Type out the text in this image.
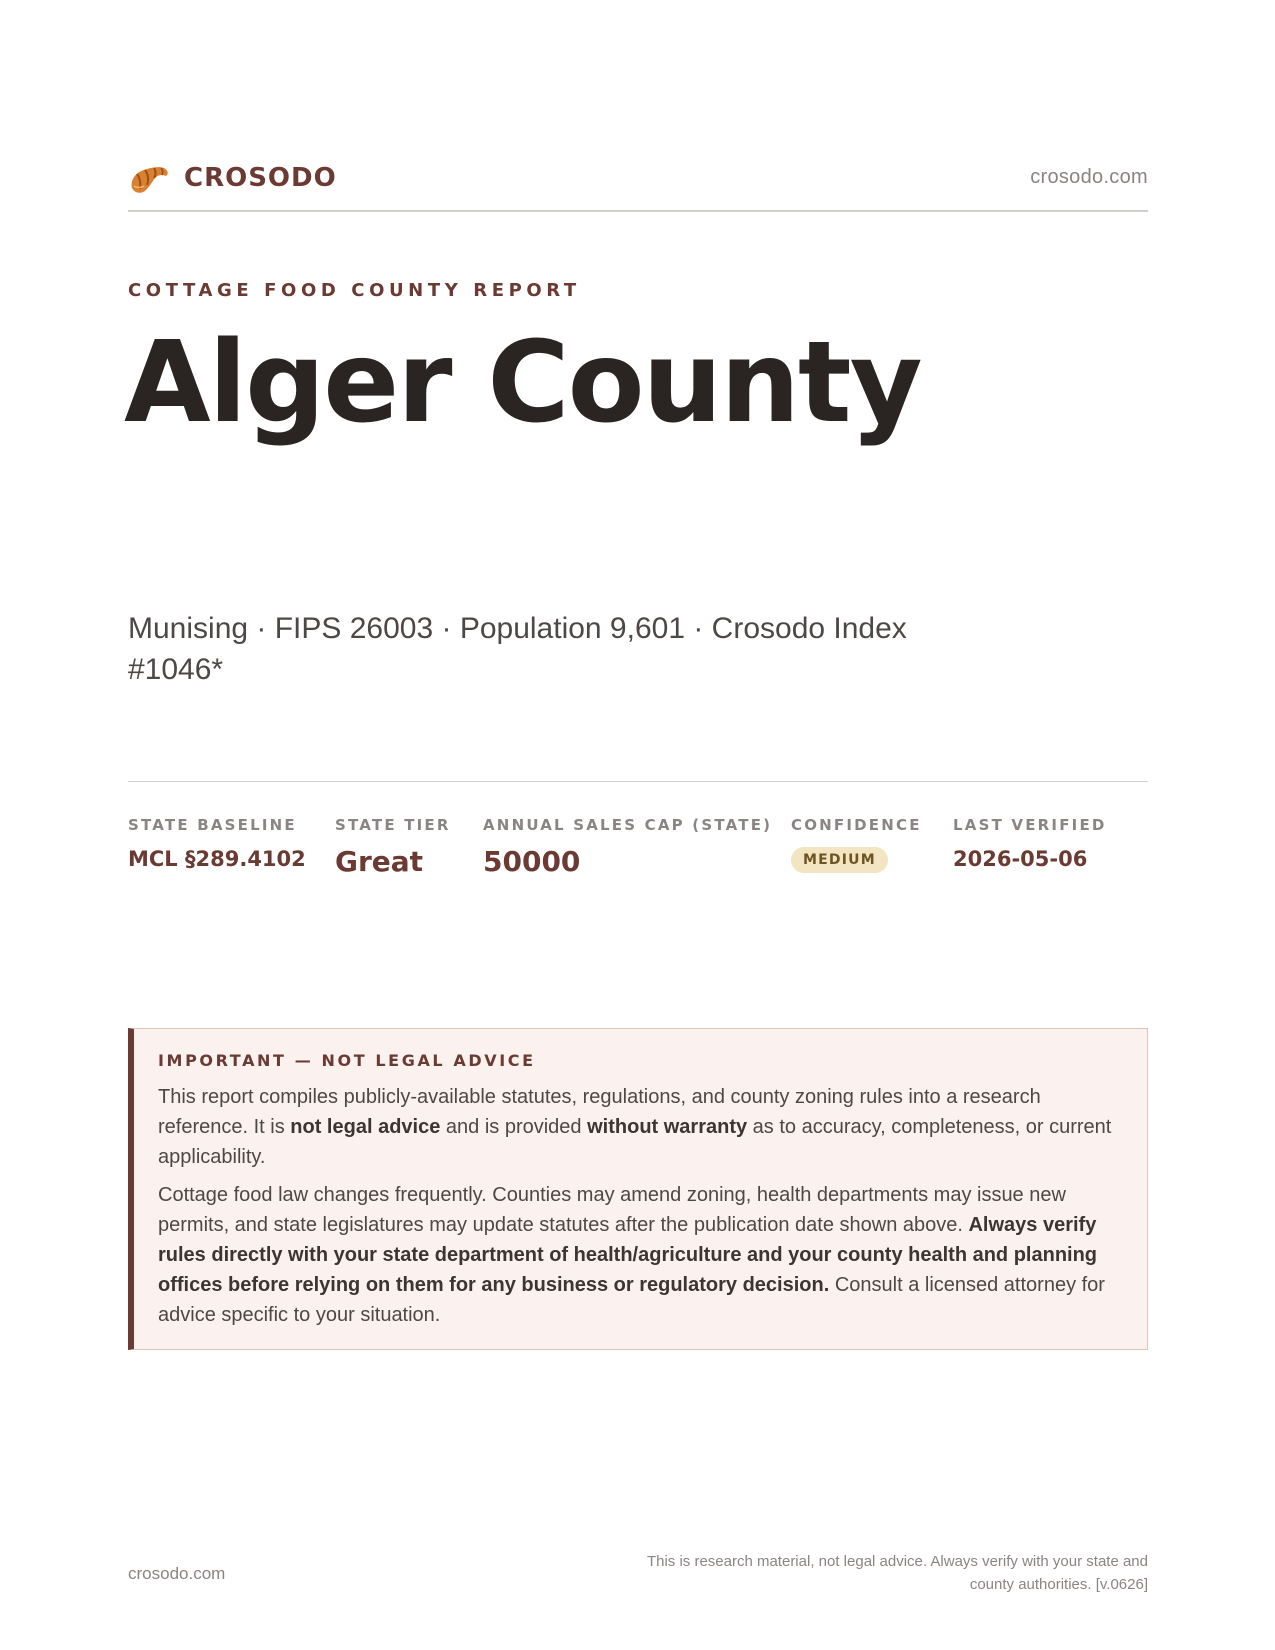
CROSODO	crosodo.com
COTTAGE FOOD COUNTY REPORT
Alger County
Munising · FIPS 26003 · Population 9,601 · Crosodo Index #1046*
STATE BASELINE
MCL §289.4102
STATE TIER
Great
ANNUAL SALES CAP (STATE)
50000
CONFIDENCE
MEDIUM
LAST VERIFIED
2026-05-06
IMPORTANT — NOT LEGAL ADVICE

This report compiles publicly-available statutes, regulations, and county zoning rules into a research reference. It is not legal advice and is provided without warranty as to accuracy, completeness, or current applicability.

Cottage food law changes frequently. Counties may amend zoning, health departments may issue new permits, and state legislatures may update statutes after the publication date shown above. Always verify rules directly with your state department of health/agriculture and your county health and planning offices before relying on them for any business or regulatory decision. Consult a licensed attorney for advice specific to your situation.

crosodo.com
This is research material, not legal advice. Always verify with your state and county authorities. [v.0626]
